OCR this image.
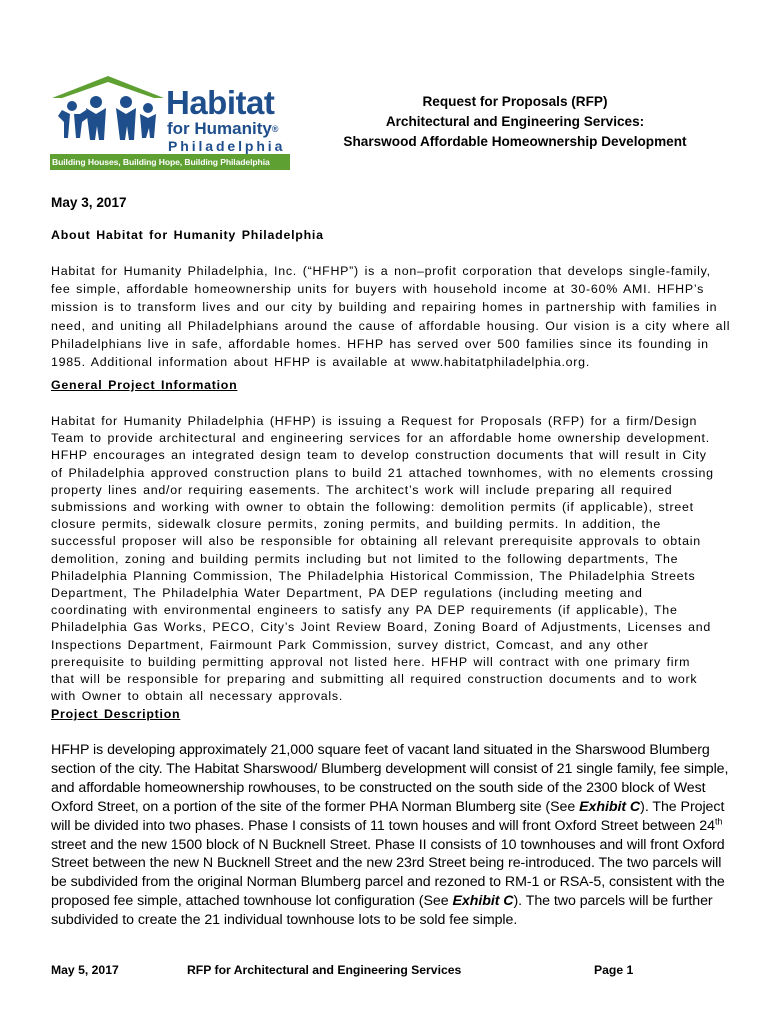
Habitat
for Humanity®
Philadelphia
Building Houses, Building Hope, Building Philadelphia
Request for Proposals (RFP)
Architectural and Engineering Services:
Sharswood Affordable Homeownership Development
May 3, 2017
About Habitat for Humanity Philadelphia
Habitat for Humanity Philadelphia, Inc. (“HFHP”) is a non–profit corporation that develops single-family,
fee simple, affordable homeownership units for buyers with household income at 30-60% AMI. HFHP’s
mission is to transform lives and our city by building and repairing homes in partnership with families in
need, and uniting all Philadelphians around the cause of affordable housing. Our vision is a city where all
Philadelphians live in safe, affordable homes. HFHP has served over 500 families since its founding in
1985. Additional information about HFHP is available at www.habitatphiladelphia.org.
General Project Information
Habitat for Humanity Philadelphia (HFHP) is issuing a Request for Proposals (RFP) for a firm/Design
Team to provide architectural and engineering services for an affordable home ownership development.
HFHP encourages an integrated design team to develop construction documents that will result in City
of Philadelphia approved construction plans to build 21 attached townhomes, with no elements crossing
property lines and/or requiring easements. The architect’s work will include preparing all required
submissions and working with owner to obtain the following: demolition permits (if applicable), street
closure permits, sidewalk closure permits, zoning permits, and building permits. In addition, the
successful proposer will also be responsible for obtaining all relevant prerequisite approvals to obtain
demolition, zoning and building permits including but not limited to the following departments, The
Philadelphia Planning Commission, The Philadelphia Historical Commission, The Philadelphia Streets
Department, The Philadelphia Water Department, PA DEP regulations (including meeting and
coordinating with environmental engineers to satisfy any PA DEP requirements (if applicable), The
Philadelphia Gas Works, PECO, City’s Joint Review Board, Zoning Board of Adjustments, Licenses and
Inspections Department, Fairmount Park Commission, survey district, Comcast, and any other
prerequisite to building permitting approval not listed here. HFHP will contract with one primary firm
that will be responsible for preparing and submitting all required construction documents and to work
with Owner to obtain all necessary approvals.
Project Description
HFHP is developing approximately 21,000 square feet of vacant land situated in the Sharswood Blumberg
section of the city. The Habitat Sharswood/ Blumberg development will consist of 21 single family, fee simple,
and affordable homeownership rowhouses, to be constructed on the south side of the 2300 block of West
Oxford Street, on a portion of the site of the former PHA Norman Blumberg site (See Exhibit C). The Project
will be divided into two phases. Phase I consists of 11 town houses and will front Oxford Street between 24th
street and the new 1500 block of N Bucknell Street. Phase II consists of 10 townhouses and will front Oxford
Street between the new N Bucknell Street and the new 23rd Street being re-introduced. The two parcels will
be subdivided from the original Norman Blumberg parcel and rezoned to RM-1 or RSA-5, consistent with the
proposed fee simple, attached townhouse lot configuration (See Exhibit C). The two parcels will be further
subdivided to create the 21 individual townhouse lots to be sold fee simple.
May 5, 2017	RFP for Architectural and Engineering Services	Page 1
